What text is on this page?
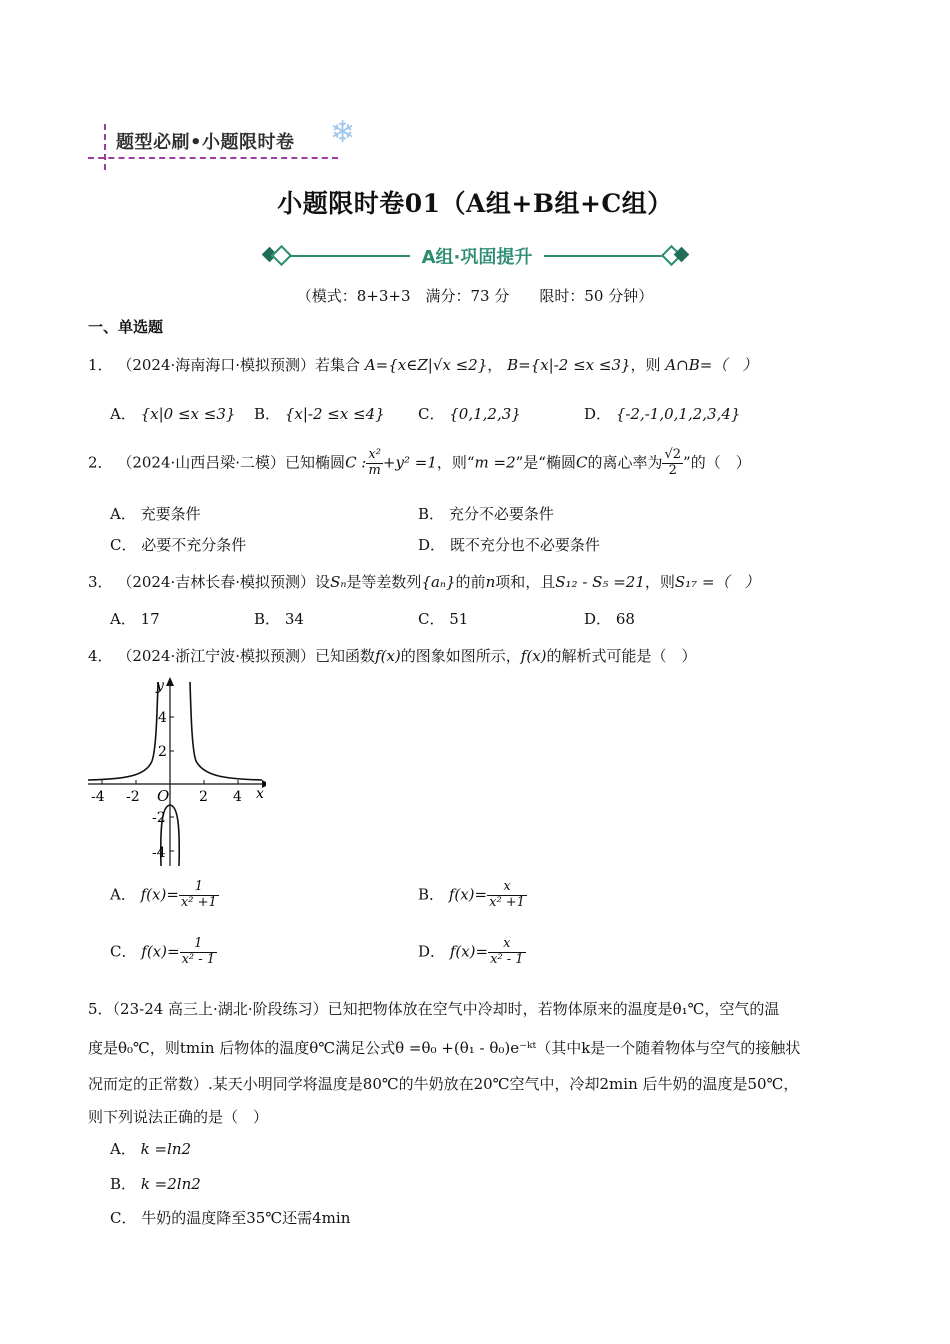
题型必刷•小题限时卷 ❄
小题限时卷01（A组+B组+C组）
A组·巩固提升
（模式：8+3+3　满分：73 分　　限时：50 分钟）
一、单选题
1． （2024·海南海口·模拟预测）若集合 A={x∈Z|√x ≤2}， B={x|-2 ≤x ≤3}，则 A∩B=（　）
A． {x|0 ≤x ≤3} B． {x|-2 ≤x ≤4} C． {0,1,2,3}	D． {-2,-1,0,1,2,3,4}
2． （2024·山西吕梁·二模）已知椭圆C : $\frac{\text{x²}}{m} +y^2 =1$，则“m =2”是“椭圆C的离心率为 $\frac{√2}{2}$ ”的（　）
A． 充要条件	B． 充分不必要条件
C． 必要不充分条件	D． 既不充分也不必要条件
3． （2024·吉林长春·模拟预测）设Sₙ是等差数列{aₙ}的前n项和，且S₁₂ - S₅ =21，则S₁₇ =（　）
A． 17	B． 34	C． 51	D． 68
4． （2024·浙江宁波·模拟预测）已知函数f(x)的图象如图所示，f(x)的解析式可能是（　）
y
x
O
-4 -2	2 4
4
2
-2
-4
A． $f(x)= \frac{1}{\text{x² +1}}$	B． $f(x)= \frac{x}{\text{x² +1}}$
C． $f(x)= \frac{1}{\text{x² - 1}}$	D． $f(x)= \frac{x}{\text{x² - 1}}$
5．（23-24 高三上·湖北·阶段练习）已知把物体放在空气中冷却时，若物体原来的温度是θ₁℃，空气的温
度是θ₀℃，则tmin 后物体的温度θ℃满足公式θ =θ₀ +(θ₁ - θ₀)e⁻ᵏᵗ（其中k是一个随着物体与空气的接触状
况而定的正常数）.某天小明同学将温度是80℃的牛奶放在20℃空气中，冷却2min 后牛奶的温度是50℃，
则下列说法正确的是（　）
A． k =ln2
B． k =2ln2
C． 牛奶的温度降至35℃还需4min
